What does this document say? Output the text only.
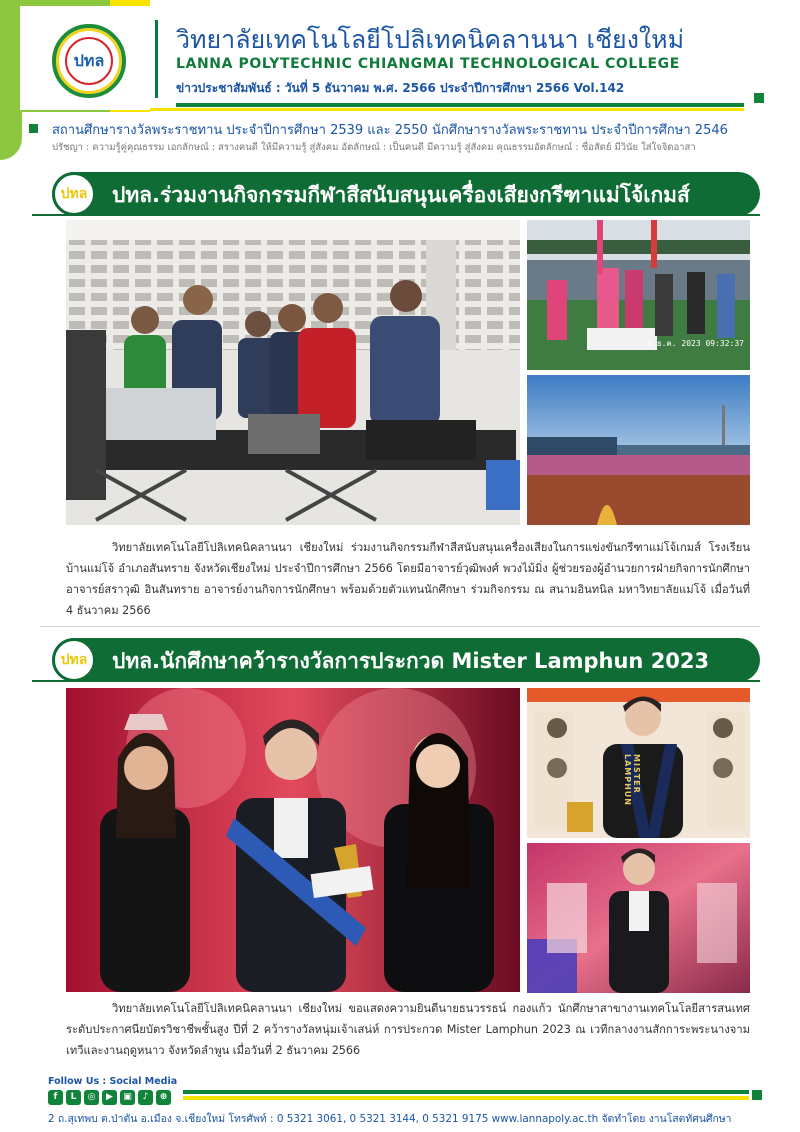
ปทล
วิทยาลัยเทคโนโลยีโปลิเทคนิคลานนา เชียงใหม่
LANNA POLYTECHNIC CHIANGMAI TECHNOLOGICAL COLLEGE
ข่าวประชาสัมพันธ์ : วันที่ 5 ธันวาคม พ.ศ. 2566 ประจำปีการศึกษา 2566 Vol.142
สถานศึกษารางวัลพระราชทาน ประจำปีการศึกษา 2539 และ 2550 นักศึกษารางวัลพระราชทาน ประจำปีการศึกษา 2546
ปรัชญา : ความรู้คู่คุณธรรม เอกลักษณ์ : สรางคนดี ให้มีความรู้ สู่สังคม อัตลักษณ์ : เป็นคนดี มีความรู้ สู่สังคม คุณธรรมอัตลักษณ์ : ซื่อสัตย์ มีวินัย ใส่ใจจิตอาสา
ปทล ปทล.ร่วมงานกิจกรรมกีฬาสีสนับสนุนเครื่องเสียงกรีฑาแม่โจ้เกมส์
4 ธ.ค. 2023 09:32:37
วิทยาลัยเทคโนโลยีโปลิเทคนิคลานนา เชียงใหม่ ร่วมงานกิจกรรมกีฬาสีสนับสนุนเครื่องเสียงในการแข่งขันกรีฑาแม่โจ้เกมส์ โรงเรียนบ้านแม่โจ้ อำเภอสันทราย จังหวัดเชียงใหม่ ประจำปีการศึกษา 2566 โดยมีอาจารย์วุฒิพงศ์ พวงไม้มิ่ง ผู้ช่วยรองผู้อำนวยการฝ่ายกิจการนักศึกษา อาจารย์สราวุฒิ อินสันทราย อาจารย์งานกิจการนักศึกษา พร้อมด้วยตัวแทนนักศึกษา ร่วมกิจกรรม ณ สนามอินทนิล มหาวิทยาลัยแม่โจ้ เมื่อวันที่ 4 ธันวาคม 2566
ปทล ปทล.นักศึกษาคว้ารางวัลการประกวด Mister Lamphun 2023
MISTER LAMPHUN
วิทยาลัยเทคโนโลยีโปลิเทคนิคลานนา เชียงใหม่ ขอแสดงความยินดีนายธนวรรธน์ กองแก้ว นักศึกษาสาขางานเทคโนโลยีสารสนเทศ ระดับประกาศนียบัตรวิชาชีพชั้นสูง ปีที่ 2 คว้ารางวัลหนุ่มเจ้าเสน่ห์ การประกวด Mister Lamphun 2023 ณ เวทีกลางงานสักการะพระนางจามเทวีและงานฤดูหนาว จังหวัดลำพูน เมื่อวันที่ 2 ธันวาคม 2566
Follow Us : Social Media
f	L	◎	▶	▣	♪	⊕
2 ถ.สุเทพบ ต.ป่าตัน อ.เมือง จ.เชียงใหม่ โทรศัพท์ : 0 5321 3061, 0 5321 3144, 0 5321 9175 www.lannapoly.ac.th จัดทำโดย งานโสตทัศนศึกษา
